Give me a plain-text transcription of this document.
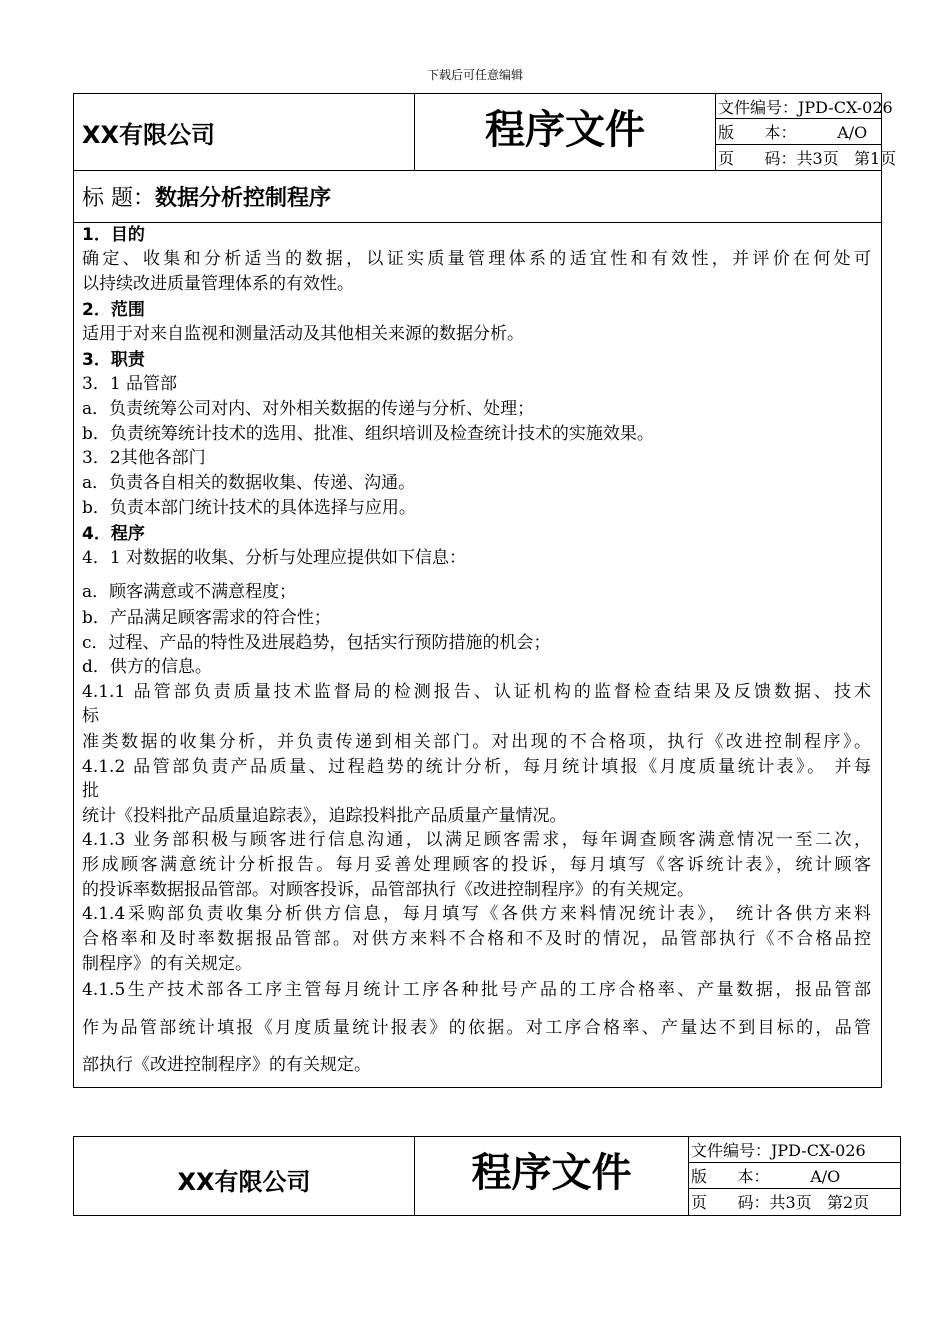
下载后可任意编辑
XX有限公司	程序文件	文件编号：JPD-CX-026
版      本：        A/O
页      码：共3页   第1页
标 题： 数据分析控制程序
1．目的
确定、收集和分析适当的数据，以证实质量管理体系的适宜性和有效性，并评价在何处可
以持续改进质量管理体系的有效性。
2．范围
适用于对来自监视和测量活动及其他相关来源的数据分析。
3．职责
3．1 品管部
a．负责统筹公司对内、对外相关数据的传递与分析、处理；
b．负责统筹统计技术的选用、批准、组织培训及检查统计技术的实施效果。
3．2其他各部门
a．负责各自相关的数据收集、传递、沟通。
b．负责本部门统计技术的具体选择与应用。
4．程序
4．1 对数据的收集、分析与处理应提供如下信息：
a．顾客满意或不满意程度；
b．产品满足顾客需求的符合性；
c．过程、产品的特性及进展趋势，包括实行预防措施的机会；
d．供方的信息。
4.1.1 品管部负责质量技术监督局的检测报告、认证机构的监督检查结果及反馈数据、技术
标
准类数据的收集分析，并负责传递到相关部门。对出现的不合格项，执行《改进控制程序》。
4.1.2 品管部负责产品质量、过程趋势的统计分析，每月统计填报《月度质量统计表》。 并每
批
统计《投料批产品质量追踪表》，追踪投料批产品质量产量情况。
4.1.3 业务部积极与顾客进行信息沟通，以满足顾客需求，每年调查顾客满意情况一至二次，
形成顾客满意统计分析报告。每月妥善处理顾客的投诉，每月填写《客诉统计表》，统计顾客
的投诉率数据报品管部。对顾客投诉，品管部执行《改进控制程序》的有关规定。
4.1.4采购部负责收集分析供方信息，每月填写《各供方来料情况统计表》， 统计各供方来料
合格率和及时率数据报品管部。对供方来料不合格和不及时的情况，品管部执行《不合格品控
制程序》的有关规定。
4.1.5生产技术部各工序主管每月统计工序各种批号产品的工序合格率、产量数据，报品管部
作为品管部统计填报《月度质量统计报表》的依据。对工序合格率、产量达不到目标的，品管
部执行《改进控制程序》的有关规定。
XX有限公司	程序文件	文件编号：JPD-CX-026
版      本：        A/O
页      码：共3页   第2页
